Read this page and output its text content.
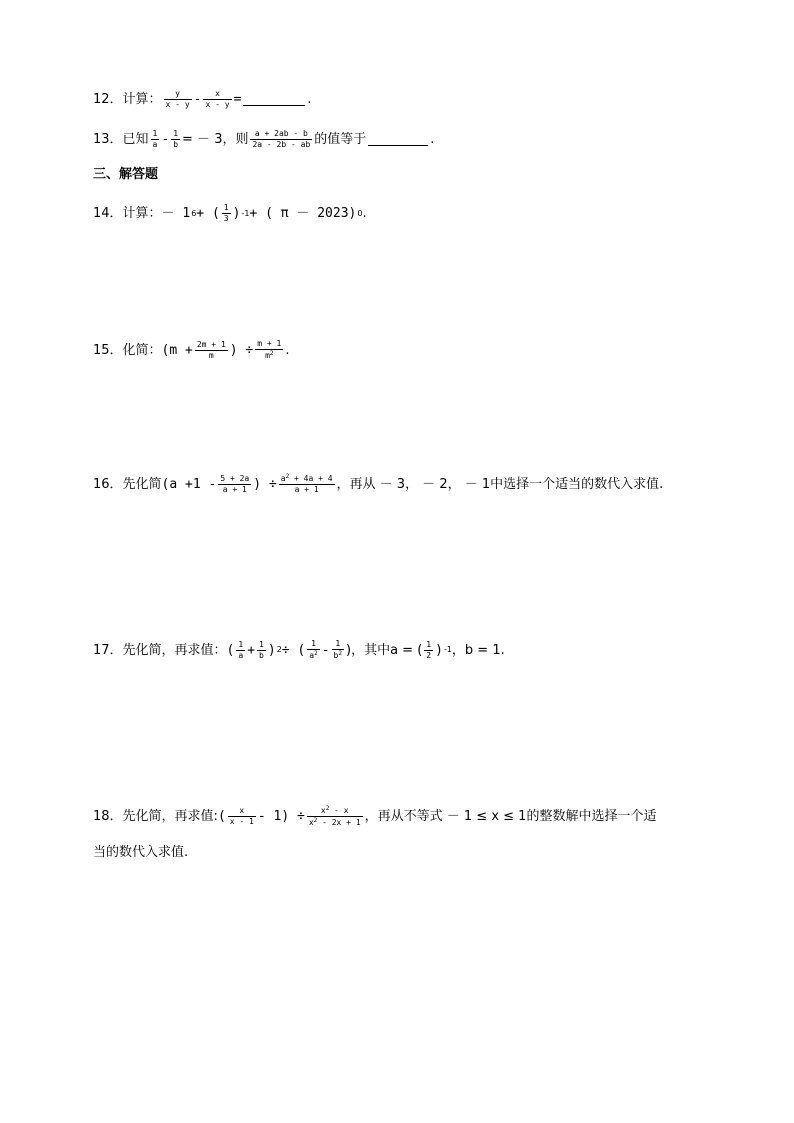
12．计算： $\frac{y}{x - y} - \frac{x}{x - y}$ =	.
13．已知 $\frac{1}{a} - \frac{1}{b}$ = － 3，则 $\frac{a + 2ab - b}{2a - 2b - ab}$ 的值等于	.
三、解答题
14．计算： － 1 6 + ( $\frac{1}{3}$ ) -1 + ( π － 2023) 0 .
15．化简： ($m + \frac{2m + 1}{m}$ ) ÷ $\frac{m + 1}{m^2}$ .
16．先化简 ($a +1 - \frac{5 + 2a}{a + 1}$ ) ÷ $\frac{a^2 + 4a + 4}{a + 1}$ ，再从 － 3， － 2， － 1中选择一个适当的数代入求值.
17．先化简，再求值： ( $\frac{1}{a} + \frac{1}{b}$ ) 2 ÷ ( $\frac{1}{a^2} - \frac{1}{b^2}$ )，其中a = ( $\frac{1}{2}$ ) -1 ，b = 1.
18．先化简，再求值: ( $\frac{x}{x - 1} - 1) \div \frac{x^2 - x}{x^2 - 2x + 1}$ ，再从不等式 － 1 ≤ x ≤ 1的整数解中选择一个适
当的数代入求值.
